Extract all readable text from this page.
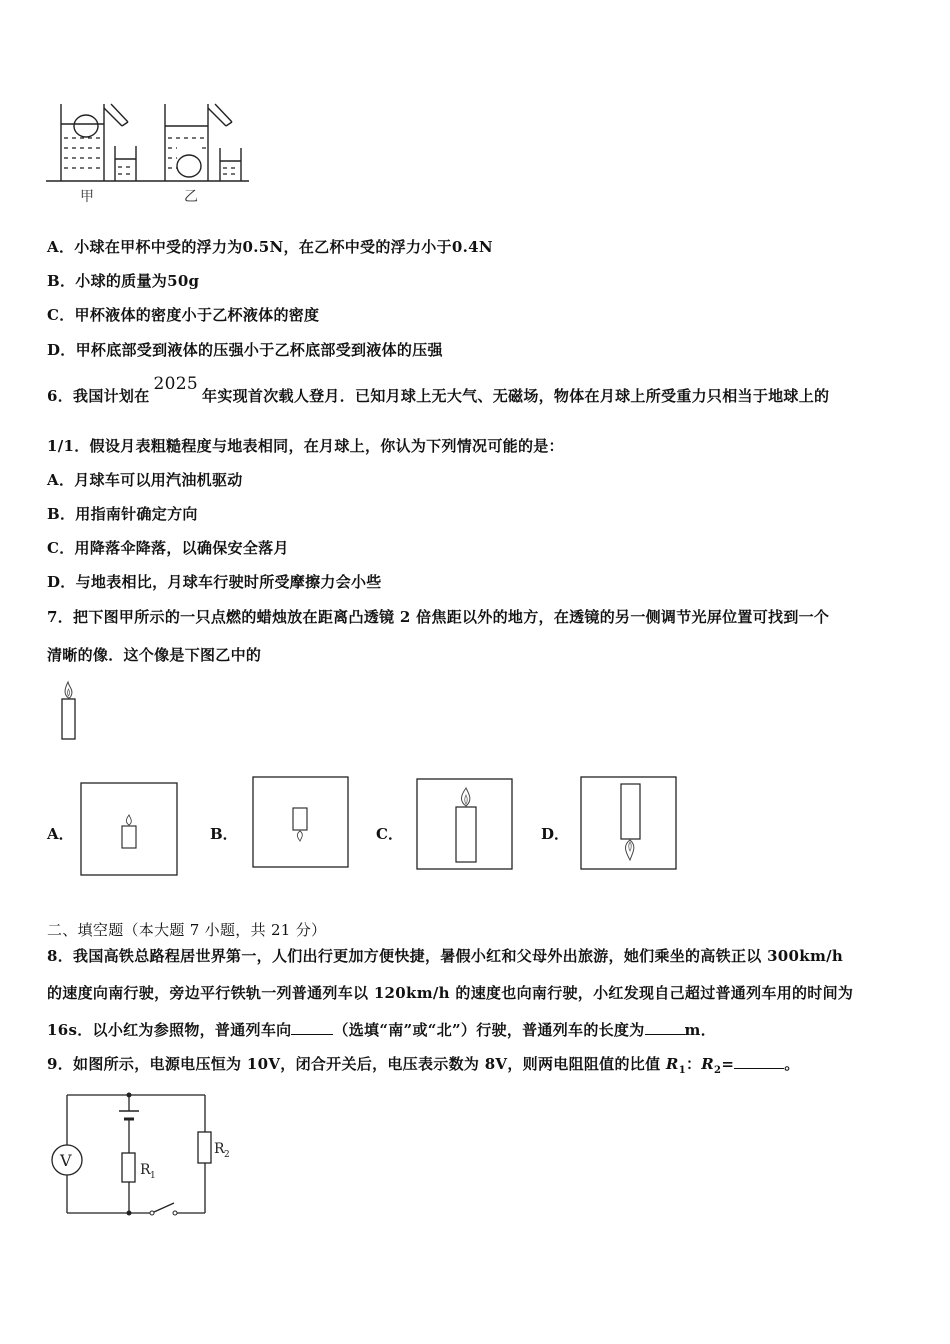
甲	乙
A．小球在甲杯中受的浮力为0.5N，在乙杯中受的浮力小于0.4N
B．小球的质量为50g
C．甲杯液体的密度小于乙杯液体的密度
D．甲杯底部受到液体的压强小于乙杯底部受到液体的压强
6．我国计划在2025年实现首次载人登月．已知月球上无大气、无磁场，物体在月球上所受重力只相当于地球上的
1/1．假设月表粗糙程度与地表相同，在月球上，你认为下列情况可能的是：
A．月球车可以用汽油机驱动
B．用指南针确定方向
C．用降落伞降落，以确保安全落月
D．与地表相比，月球车行驶时所受摩擦力会小些
7．把下图甲所示的一只点燃的蜡烛放在距离凸透镜 2 倍焦距以外的地方，在透镜的另一侧调节光屏位置可找到一个
清晰的像．这个像是下图乙中的
A．	B．	C．	D．
二、填空题（本大题 7 小题，共 21 分）
8．我国高铁总路程居世界第一，人们出行更加方便快捷，暑假小红和父母外出旅游，她们乘坐的高铁正以 300km/h
的速度向南行驶，旁边平行铁轨一列普通列车以 120km/h 的速度也向南行驶，小红发现自己超过普通列车用的时间为
16s．以小红为参照物，普通列车向	（选填“南”或“北”）行驶，普通列车的长度为	m．
9．如图所示，电源电压恒为 10V，闭合开关后，电压表示数为 8V，则两电阻阻值的比值 $R_1$：$R_2=$	。
V	R 1
R 2
